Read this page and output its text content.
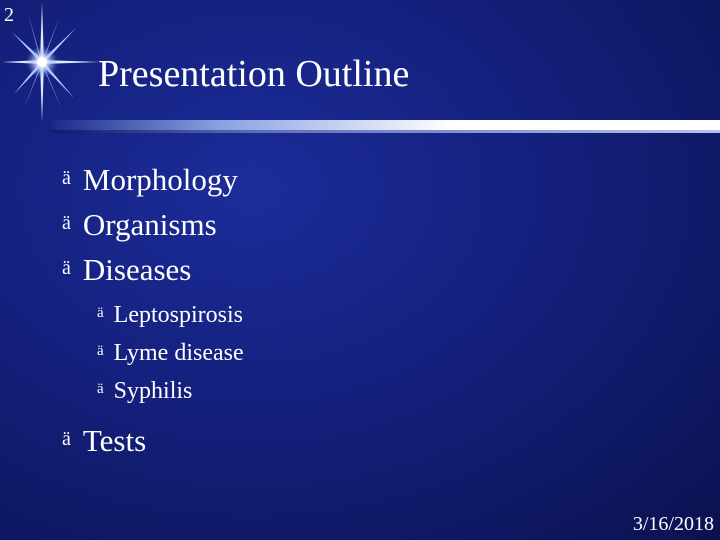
2
Presentation Outline
ä Morphology
ä Organisms
ä Diseases
ä Leptospirosis
ä Lyme disease
ä Syphilis
ä Tests
3/16/2018
